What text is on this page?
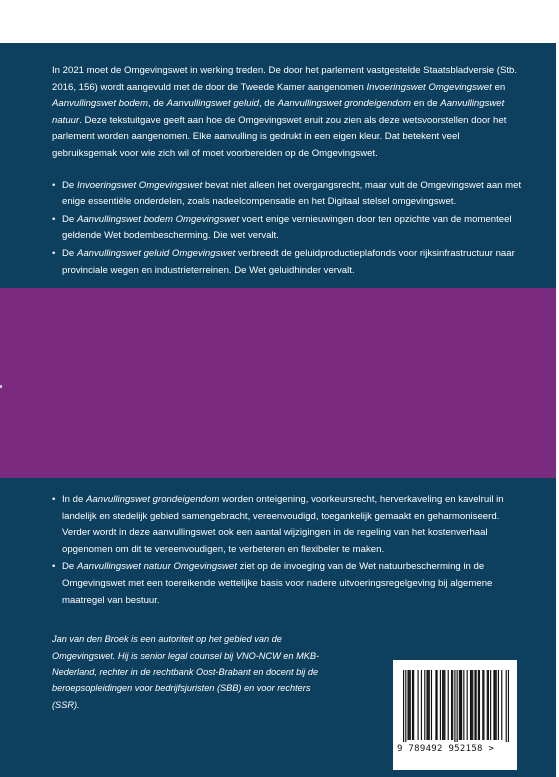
In 2021 moet de Omgevingswet in werking treden. De door het parlement vastgestelde Staatsbladversie (Stb. 2016, 156) wordt aangevuld met de door de Tweede Kamer aangenomen Invoeringswet Omgevingswet en Aanvullingswet bodem, de Aanvullingswet geluid, de Aanvullingswet grondeigendom en de Aanvullingswet natuur. Deze tekstuitgave geeft aan hoe de Omgevingswet eruit zou zien als deze wetsvoorstellen door het parlement worden aangenomen. Elke aanvulling is gedrukt in een eigen kleur. Dat betekent veel gebruiksgemak voor wie zich wil of moet voorbereiden op de Omgevingswet.

• De Invoeringswet Omgevingswet bevat niet alleen het overgangsrecht, maar vult de Omgevingswet aan met enige essentiële onderdelen, zoals nadeelcompensatie en het Digitaal stelsel omgevingswet.
• De Aanvullingswet bodem Omgevingswet voert enige vernieuwingen door ten opzichte van de momenteel geldende Wet bodembescherming. Die wet vervalt.
• De Aanvullingswet geluid Omgevingswet verbreedt de geluidproductieplafonds voor rijksinfrastructuur naar provinciale wegen en industrieterreinen. De Wet geluidhinder vervalt.
• In de Aanvullingswet grondeigendom worden onteigening, voorkeursrecht, herverkaveling en kavelruil in landelijk en stedelijk gebied samengebracht, vereenvoudigd, toegankelijk gemaakt en geharmoniseerd. Verder wordt in deze aanvullingswet ook een aantal wijzigingen in de regeling van het kostenverhaal opgenomen om dit te vereenvoudigen, te verbeteren en flexibeler te maken.
• De Aanvullingswet natuur Omgevingswet ziet op de invoeging van de Wet natuurbescherming in de Omgevingswet met een toereikende wettelijke basis voor nadere uitvoeringsregelgeving bij algemene maatregel van bestuur.

Jan van den Broek is een autoriteit op het gebied van de Omgevingswet. Hij is senior legal counsel bij VNO-NCW en MKB-Nederland, rechter in de rechtbank Oost-Brabant en docent bij de beroepsopleidingen voor bedrijfsjuristen (SBB) en voor rechters (SSR).

9 789492 952158 >
